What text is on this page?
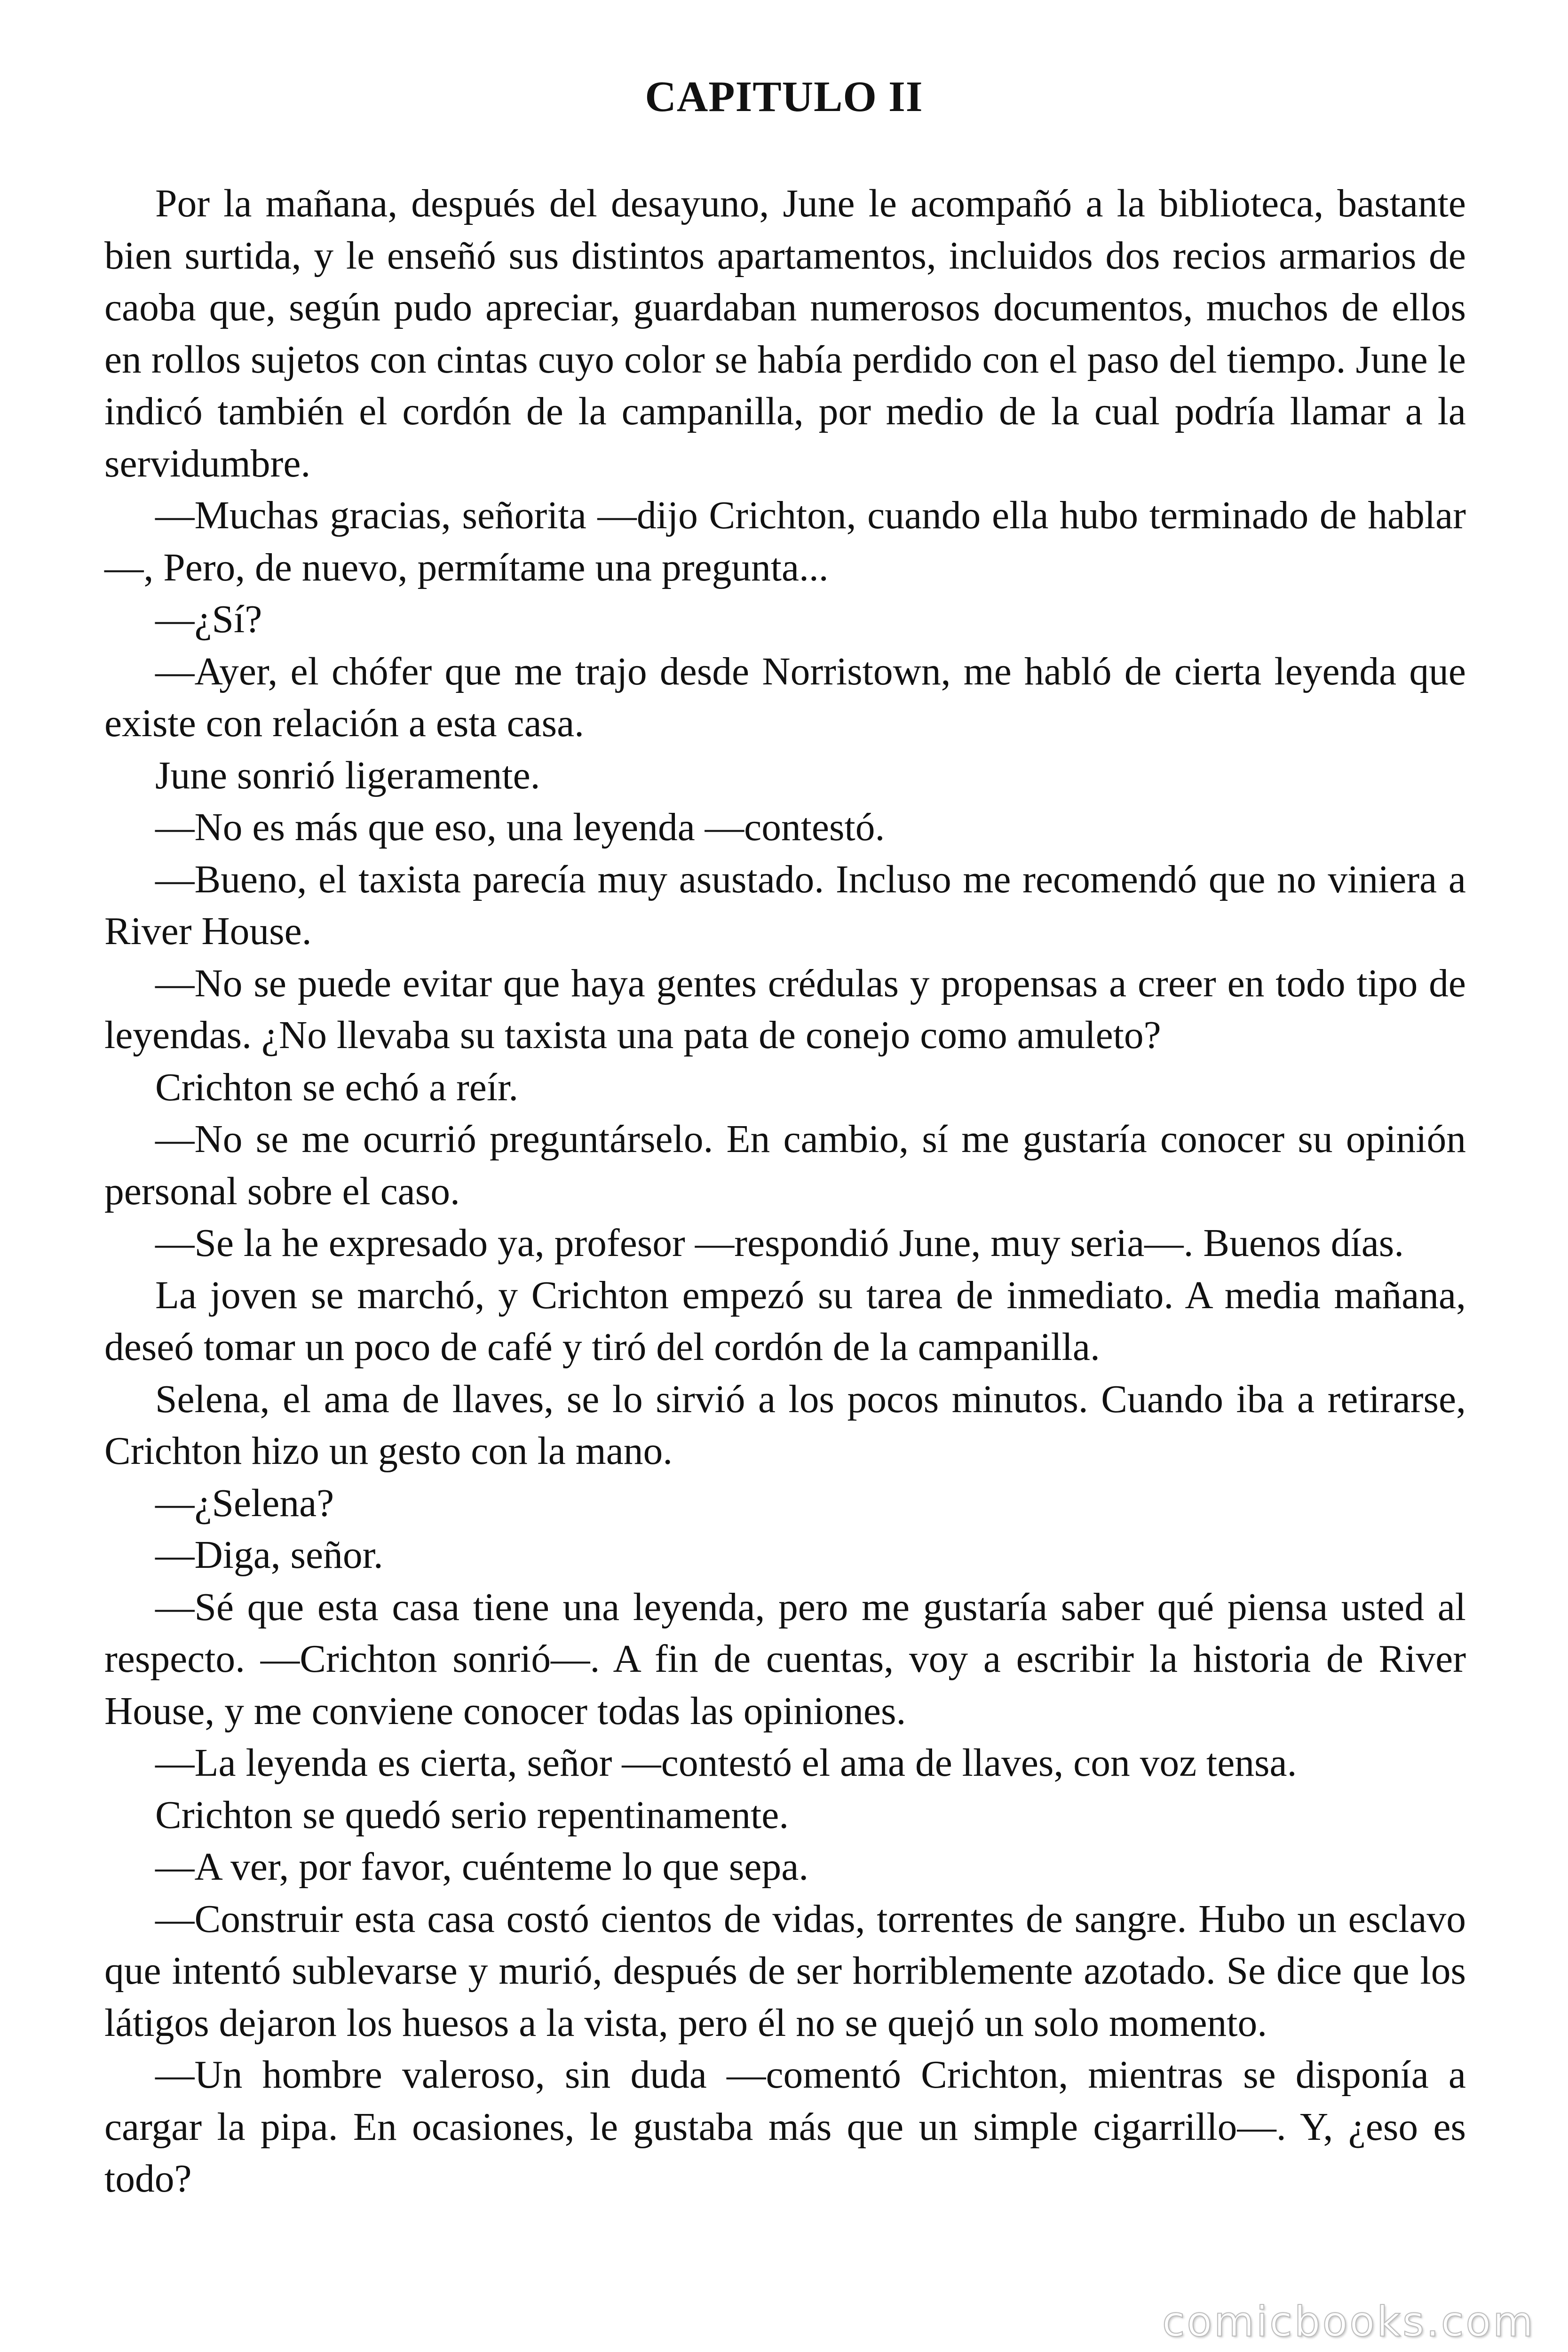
CAPITULO II

Por la mañana, después del desayuno, June le acompañó a la biblioteca, bastante bien surtida, y le enseñó sus distintos apartamentos, incluidos dos recios armarios de caoba que, según pudo apreciar, guardaban numerosos documentos, muchos de ellos en rollos sujetos con cintas cuyo color se había perdido con el paso del tiempo. June le indicó también el cordón de la campanilla, por medio de la cual podría llamar a la servidumbre.

—Muchas gracias, señorita —dijo Crichton, cuando ella hubo terminado de hablar—, Pero, de nuevo, permítame una pregunta...

—¿Sí?

—Ayer, el chófer que me trajo desde Norristown, me habló de cierta leyenda que existe con relación a esta casa.

June sonrió ligeramente.

—No es más que eso, una leyenda —contestó.

—Bueno, el taxista parecía muy asustado. Incluso me recomendó que no viniera a River House.

—No se puede evitar que haya gentes crédulas y propensas a creer en todo tipo de leyendas. ¿No llevaba su taxista una pata de conejo como amuleto?

Crichton se echó a reír.

—No se me ocurrió preguntárselo. En cambio, sí me gustaría conocer su opinión personal sobre el caso.

—Se la he expresado ya, profesor —respondió June, muy seria—. Buenos días.

La joven se marchó, y Crichton empezó su tarea de inmediato. A media mañana, deseó tomar un poco de café y tiró del cordón de la campanilla.

Selena, el ama de llaves, se lo sirvió a los pocos minutos. Cuando iba a retirarse, Crichton hizo un gesto con la mano.

—¿Selena?

—Diga, señor.

—Sé que esta casa tiene una leyenda, pero me gustaría saber qué piensa usted al respecto. —Crichton sonrió—. A fin de cuentas, voy a escribir la historia de River House, y me conviene conocer todas las opiniones.

—La leyenda es cierta, señor —contestó el ama de llaves, con voz tensa.

Crichton se quedó serio repentinamente.

—A ver, por favor, cuénteme lo que sepa.

—Construir esta casa costó cientos de vidas, torrentes de sangre. Hubo un esclavo que intentó sublevarse y murió, después de ser horriblemente azotado. Se dice que los látigos dejaron los huesos a la vista, pero él no se quejó un solo momento.

—Un hombre valeroso, sin duda —comentó Crichton, mientras se disponía a cargar la pipa. En ocasiones, le gustaba más que un simple cigarrillo—. Y, ¿eso es todo?

comicbooks.com
